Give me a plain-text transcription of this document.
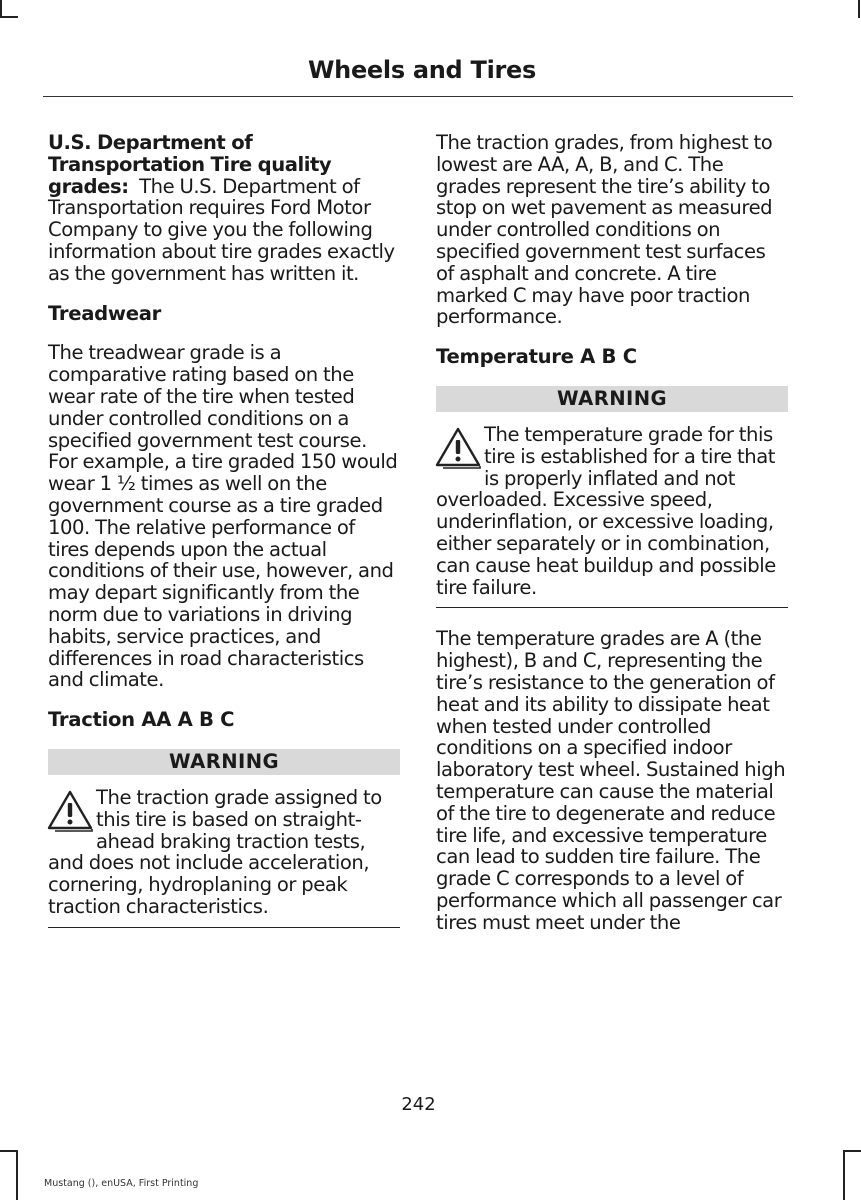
Wheels and Tires

U.S. Department of Transportation Tire quality grades: The U.S. Department of Transportation requires Ford Motor Company to give you the following information about tire grades exactly as the government has written it.

Treadwear

The treadwear grade is a comparative rating based on the wear rate of the tire when tested under controlled conditions on a specified government test course. For example, a tire graded 150 would wear 1 ½ times as well on the government course as a tire graded 100. The relative performance of tires depends upon the actual conditions of their use, however, and may depart significantly from the norm due to variations in driving habits, service practices, and differences in road characteristics and climate.

Traction AA A B C
WARNING
The traction grade assigned to this tire is based on straight-ahead braking traction tests, and does not include acceleration, cornering, hydroplaning or peak traction characteristics.

The traction grades, from highest to lowest are AA, A, B, and C. The grades represent the tire’s ability to stop on wet pavement as measured under controlled conditions on specified government test surfaces of asphalt and concrete. A tire marked C may have poor traction performance.

Temperature A B C
WARNING
The temperature grade for this tire is established for a tire that is properly inflated and not overloaded. Excessive speed, underinflation, or excessive loading, either separately or in combination, can cause heat buildup and possible tire failure.

The temperature grades are A (the highest), B and C, representing the tire’s resistance to the generation of heat and its ability to dissipate heat when tested under controlled conditions on a specified indoor laboratory test wheel. Sustained high temperature can cause the material of the tire to degenerate and reduce tire life, and excessive temperature can lead to sudden tire failure. The grade C corresponds to a level of performance which all passenger car tires must meet under the

242
Mustang (), enUSA, First Printing
